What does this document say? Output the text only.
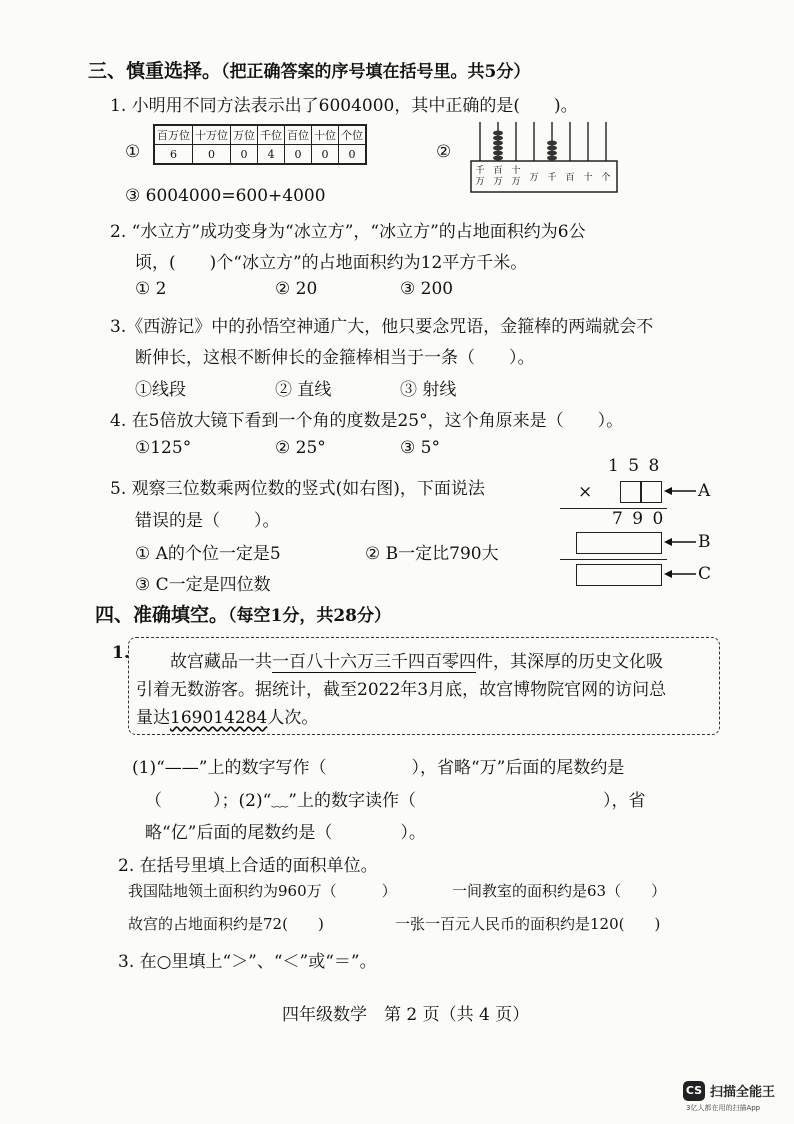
三、慎重选择。（把正确答案的序号填在括号里。共5分）
1. 小明用不同方法表示出了6004000，其中正确的是(　　)。
①
百万位	十万位	万位	千位	百位	十位	个位
6	0	0	4	0	0	0	②
千
万
百
万
十
万 万 千 百 十 个
③ 6004000=600+4000
2. “水立方”成功变身为“冰立方”，“冰立方”的占地面积约为6公
顷，(　　)个“冰立方”的占地面积约为12平方千米。
① 2	② 20	③ 200
3.《西游记》中的孙悟空神通广大，他只要念咒语，金箍棒的两端就会不
断伸长，这根不断伸长的金箍棒相当于一条（　　）。
①线段	② 直线	③ 射线
4. 在5倍放大镜下看到一个角的度数是25°，这个角原来是（　　）。
①125°	② 25°	③ 5°
5. 观察三位数乘两位数的竖式(如右图)，下面说法
错误的是（　　）。
① A的个位一定是5	② B一定比790大
③ C一定是四位数
1 5 8
×	A
7 9 0
B
C
四、准确填空。（每空1分，共28分）
1. 故宫藏品一共一百八十六万三千四百零四件，其深厚的历史文化吸
引着无数游客。据统计，截至2022年3月底，故宫博物院官网的访问总
量达169014284人次。
(1)“——”上的数字写作（　　　　　），省略“万”后面的尾数约是
（　　　）；(2)“﹏”上的数字读作（　　　　　　　　　　　），省
略“亿”后面的尾数约是（　　　　）。
2. 在括号里填上合适的面积单位。
我国陆地领土面积约为960万（　　　）	一间教室的面积约是63（　　）
故宫的占地面积约是72(　　)	一张一百元人民币的面积约是120(　　)
3. 在○里填上“＞”、“＜”或“＝”。
四年级数学　第 2 页（共 4 页）
CS 扫描全能王
3亿人都在用的扫描App
